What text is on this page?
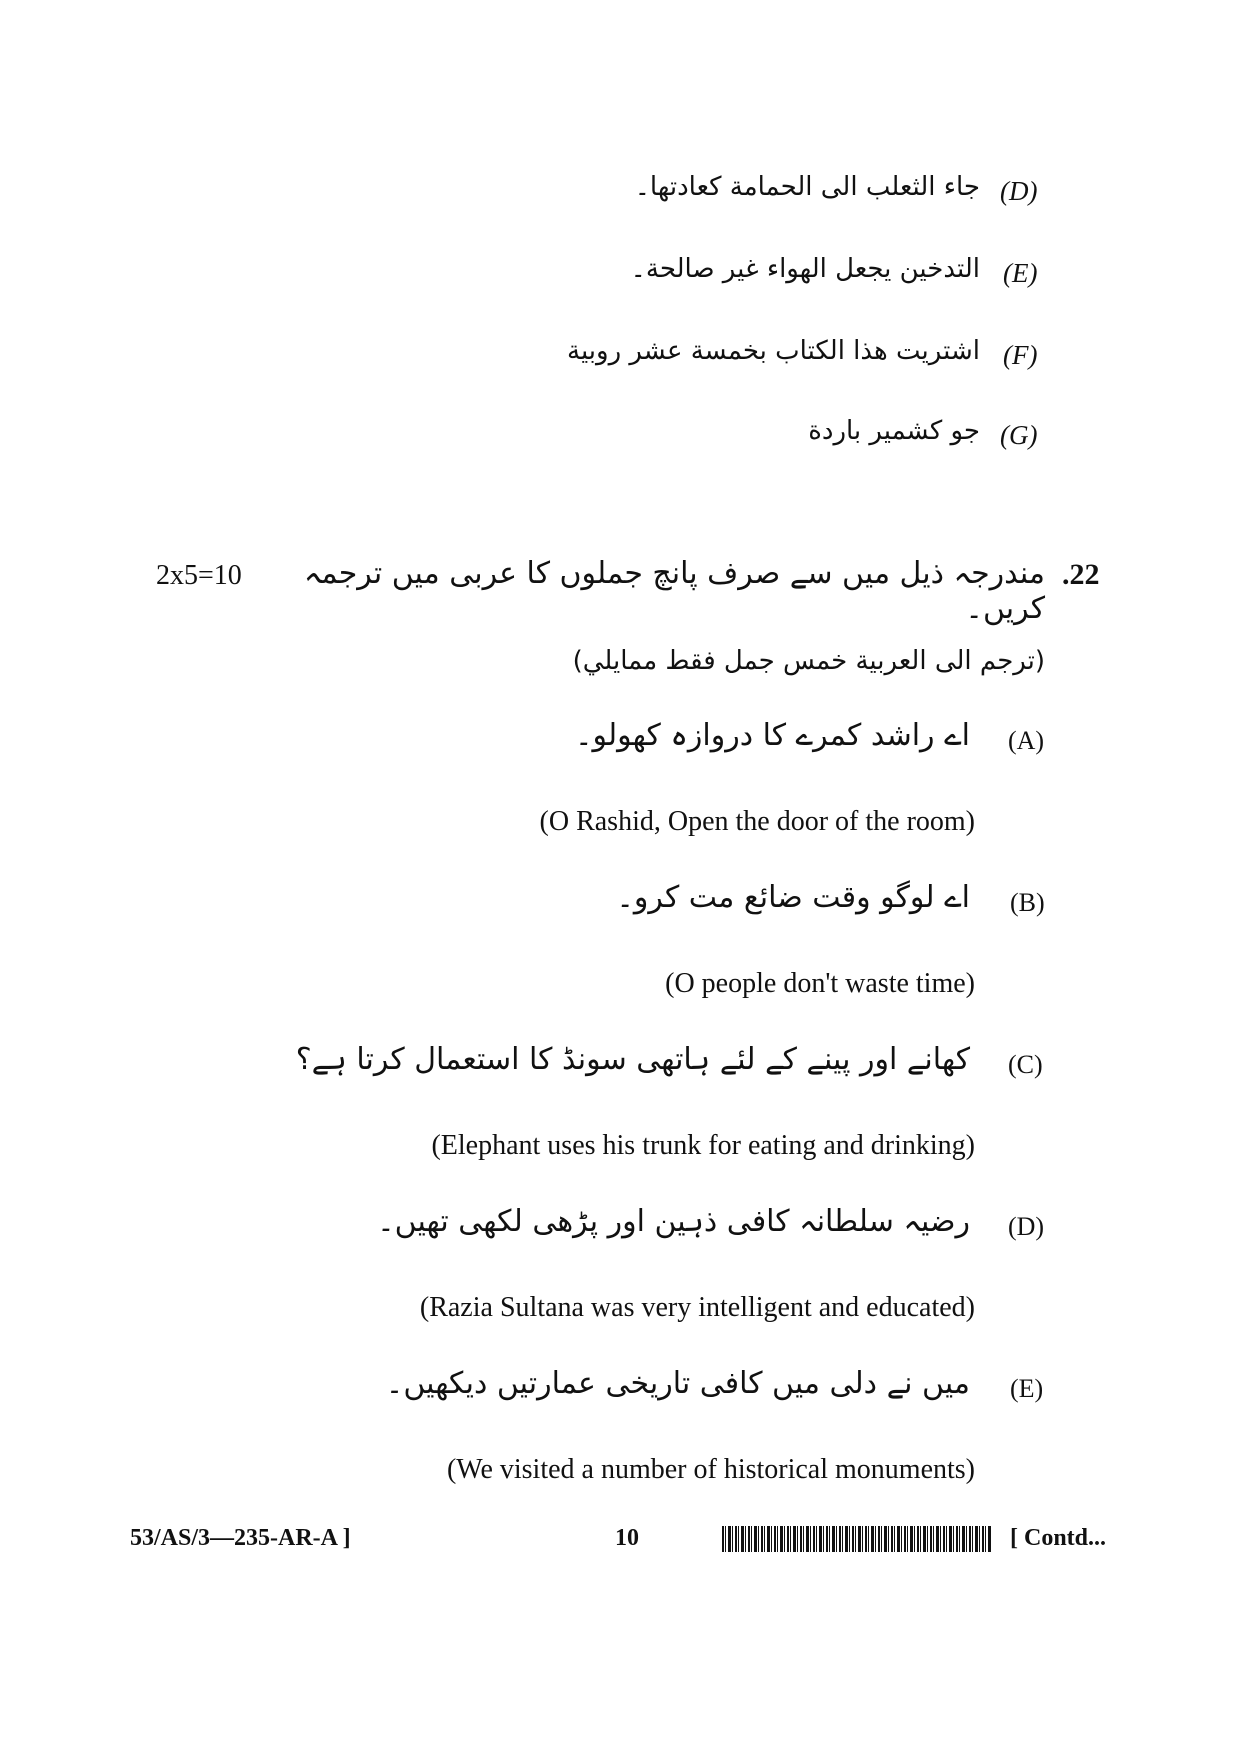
(D)
جاء الثعلب الى الحمامة كعادتها۔
(E)
التدخين يجعل الهواء غير صالحة۔
(F)
اشتريت هذا الكتاب بخمسة عشر روبية
(G)
جو كشمير باردة
2x5=10	مندرجہ ذیل میں سے صرف پانچ جملوں کا عربی میں ترجمہ کریں۔
.22
(ترجم الى العربية خمس جمل فقط ممايلي)
(A)
اے راشد کمرے کا دروازہ کھولو۔
(O Rashid, Open the door of the room)
(B)
اے لوگو وقت ضائع مت کرو۔
(O people don't waste time)
(C)
کھانے اور پینے کے لئے ہاتھی سونڈ کا استعمال کرتا ہے؟
(Elephant uses his trunk for eating and drinking)
(D)
رضیہ سلطانہ کافی ذہین اور پڑھی لکھی تھیں۔
(Razia Sultana was very intelligent and educated)
(E)
میں نے دلی میں کافی تاریخی عمارتیں دیکھیں۔
(We visited a number of historical monuments)
53/AS/3—235-AR-A ]	10	[ Contd...
